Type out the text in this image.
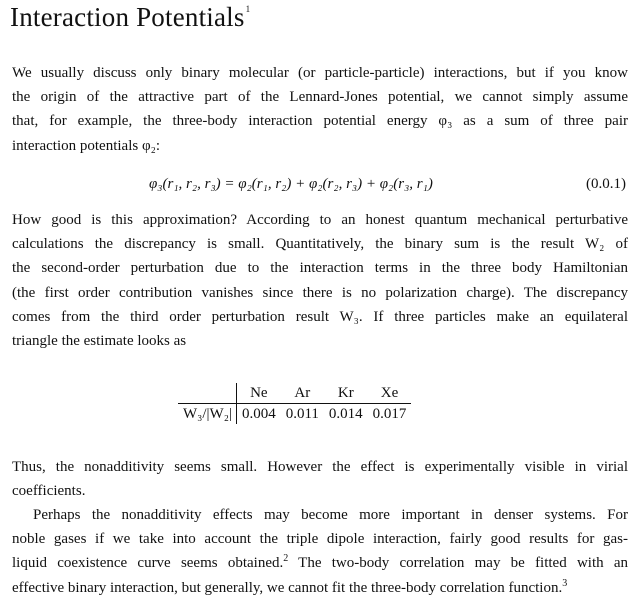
Interaction Potentials$^1$
We usually discuss only binary molecular (or particle-particle) interactions, but if you know
the origin of the attractive part of the Lennard-Jones potential, we cannot simply assume
that, for example, the three-body interaction potential energy φ₃ as a sum of three pair
interaction potentials φ₂:
φ₃(r₁, r₂, r₃) = φ₂(r₁, r₂) + φ₂(r₂, r₃) + φ₂(r₃, r₁)	(0.0.1)
How good is this approximation? According to an honest quantum mechanical perturbative
calculations the discrepancy is small. Quantitatively, the binary sum is the result W₂ of
the second-order perturbation due to the interaction terms in the three body Hamiltonian
(the first order contribution vanishes since there is no polarization charge). The discrepancy
comes from the third order perturbation result W₃. If three particles make an equilateral
triangle the estimate looks as
	Ne	Ar	Kr	Xe
W₃/|W₂|	0.004	0.011	0.014	0.017
Thus, the nonadditivity seems small. However the effect is experimentally visible in virial
coefficients.
Perhaps the nonadditivity effects may become more important in denser systems. For
noble gases if we take into account the triple dipole interaction, fairly good results for gas-
liquid coexistence curve seems obtained.$^2$ The two-body correlation may be fitted with an
effective binary interaction, but generally, we cannot fit the three-body correlation function.$^3$
